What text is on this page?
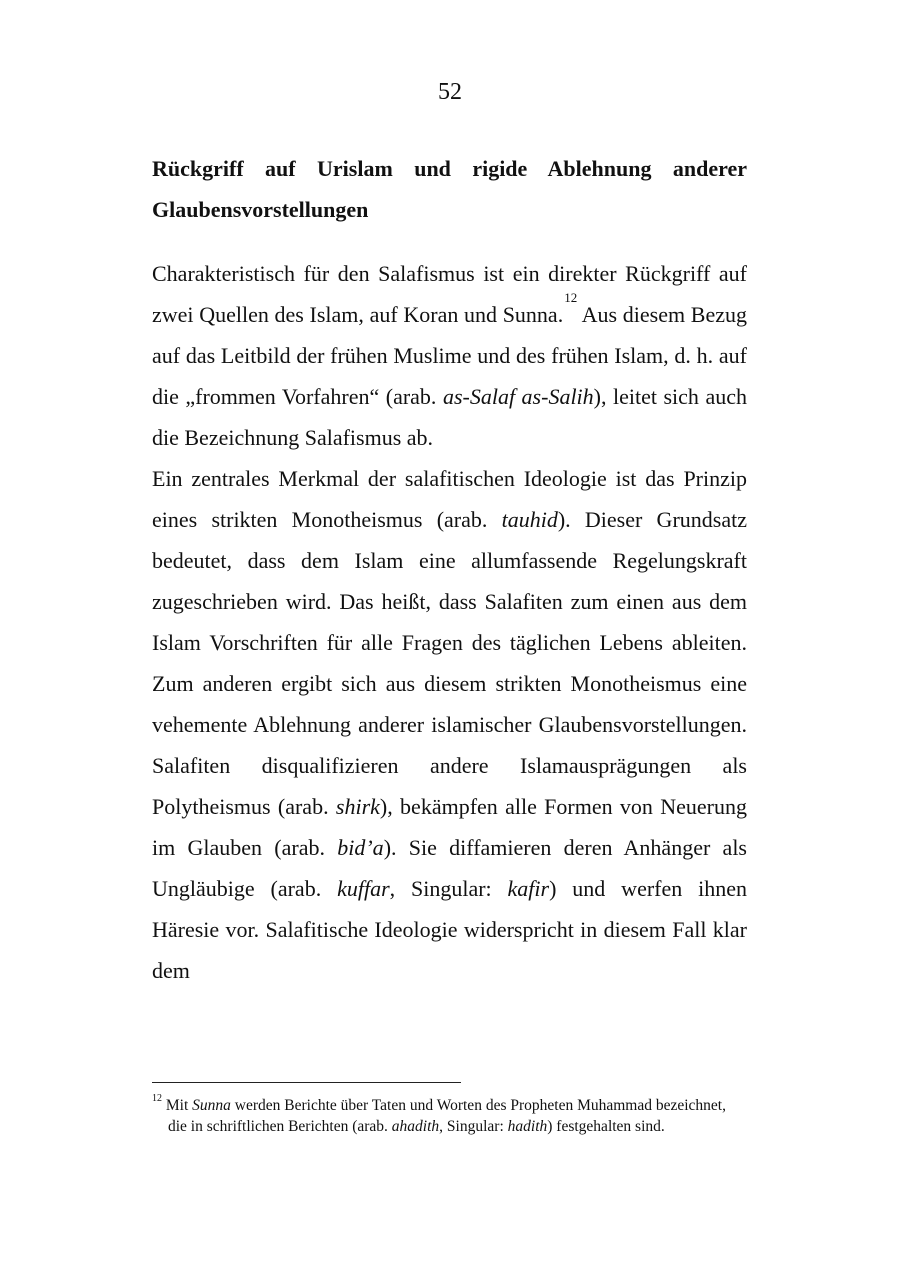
52
Rückgriff auf Urislam und rigide Ablehnung anderer Glaubensvorstellungen

Charakteristisch für den Salafismus ist ein direkter Rückgriff auf zwei Quellen des Islam, auf Koran und Sunna.$^{12}$ Aus diesem Bezug auf das Leitbild der frühen Muslime und des frühen Islam, d. h. auf die „frommen Vorfahren“ (arab. as-Salaf as-Salih), leitet sich auch die Bezeichnung Salafismus ab.

Ein zentrales Merkmal der salafitischen Ideologie ist das Prinzip eines strikten Monotheismus (arab. tauhid). Dieser Grundsatz bedeutet, dass dem Islam eine allumfassende Regelungskraft zugeschrieben wird. Das heißt, dass Salafiten zum einen aus dem Islam Vorschriften für alle Fragen des täglichen Lebens ableiten. Zum anderen ergibt sich aus diesem strikten Monotheismus eine vehemente Ablehnung anderer islamischer Glaubensvorstellungen. Salafiten disqualifizieren andere Islamausprägungen als Polytheismus (arab. shirk), bekämpfen alle Formen von Neuerung im Glauben (arab. bid’a). Sie diffamieren deren Anhänger als Ungläubige (arab. kuffar, Singular: kafir) und werfen ihnen Häresie vor. Salafitische Ideologie widerspricht in diesem Fall klar dem

$^{12}$ Mit Sunna werden Berichte über Taten und Worten des Propheten Muhammad bezeichnet, die in schriftlichen Berichten (arab. ahadith, Singular: hadith) festgehalten sind.
